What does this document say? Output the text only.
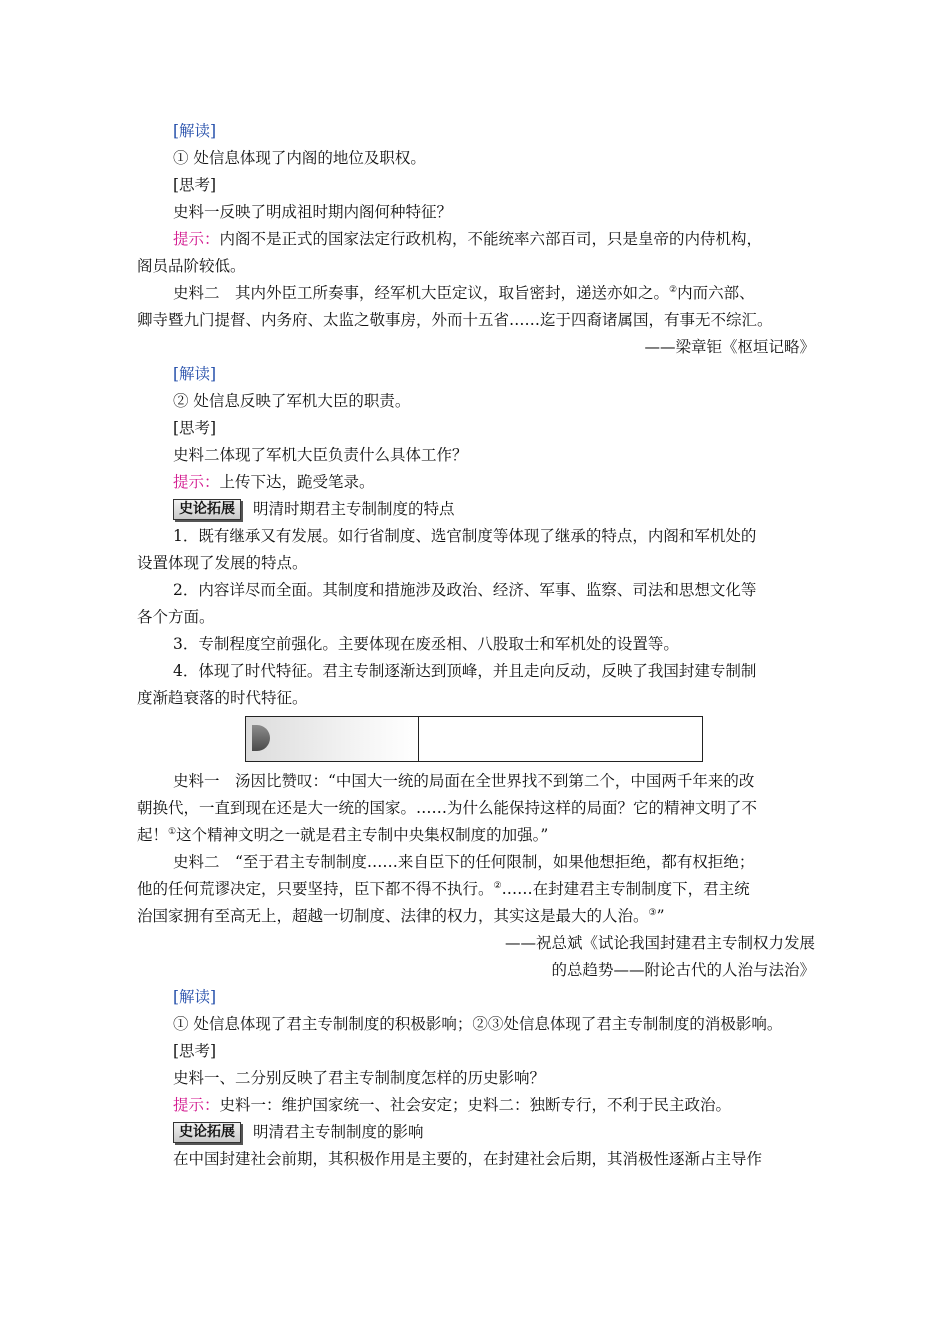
[解读]
① 处信息体现了内阁的地位及职权。
[思考]
史料一反映了明成祖时期内阁何种特征？
提示：内阁不是正式的国家法定行政机构，不能统率六部百司，只是皇帝的内侍机构，
阁员品阶较低。
史料二　其内外臣工所奏事，经军机大臣定议，取旨密封，递送亦如之。②内而六部、
卿寺暨九门提督、内务府、太监之敬事房，外而十五省……迄于四裔诸属国，有事无不综汇。
——梁章钜《枢垣记略》
[解读]
② 处信息反映了军机大臣的职责。
[思考]
史料二体现了军机大臣负责什么具体工作？
提示：上传下达，跪受笔录。
史论拓展 明清时期君主专制制度的特点
1．既有继承又有发展。如行省制度、选官制度等体现了继承的特点，内阁和军机处的
设置体现了发展的特点。
2．内容详尽而全面。其制度和措施涉及政治、经济、军事、监察、司法和思想文化等
各个方面。
3．专制程度空前强化。主要体现在废丞相、八股取士和军机处的设置等。
4．体现了时代特征。君主专制逐渐达到顶峰，并且走向反动，反映了我国封建专制制
度渐趋衰落的时代特征。
史料一　汤因比赞叹：“中国大一统的局面在全世界找不到第二个，中国两千年来的改
朝换代，一直到现在还是大一统的国家。……为什么能保持这样的局面？它的精神文明了不
起！①这个精神文明之一就是君主专制中央集权制度的加强。”
史料二　“至于君主专制制度……来自臣下的任何限制，如果他想拒绝，都有权拒绝；
他的任何荒谬决定，只要坚持，臣下都不得不执行。②……在封建君主专制制度下，君主统
治国家拥有至高无上，超越一切制度、法律的权力，其实这是最大的人治。③”
——祝总斌《试论我国封建君主专制权力发展
的总趋势——附论古代的人治与法治》
[解读]
① 处信息体现了君主专制制度的积极影响；②③处信息体现了君主专制制度的消极影响。
[思考]
史料一、二分别反映了君主专制制度怎样的历史影响？
提示：史料一：维护国家统一、社会安定；史料二：独断专行，不利于民主政治。
史论拓展 明清君主专制制度的影响
在中国封建社会前期，其积极作用是主要的，在封建社会后期，其消极性逐渐占主导作
